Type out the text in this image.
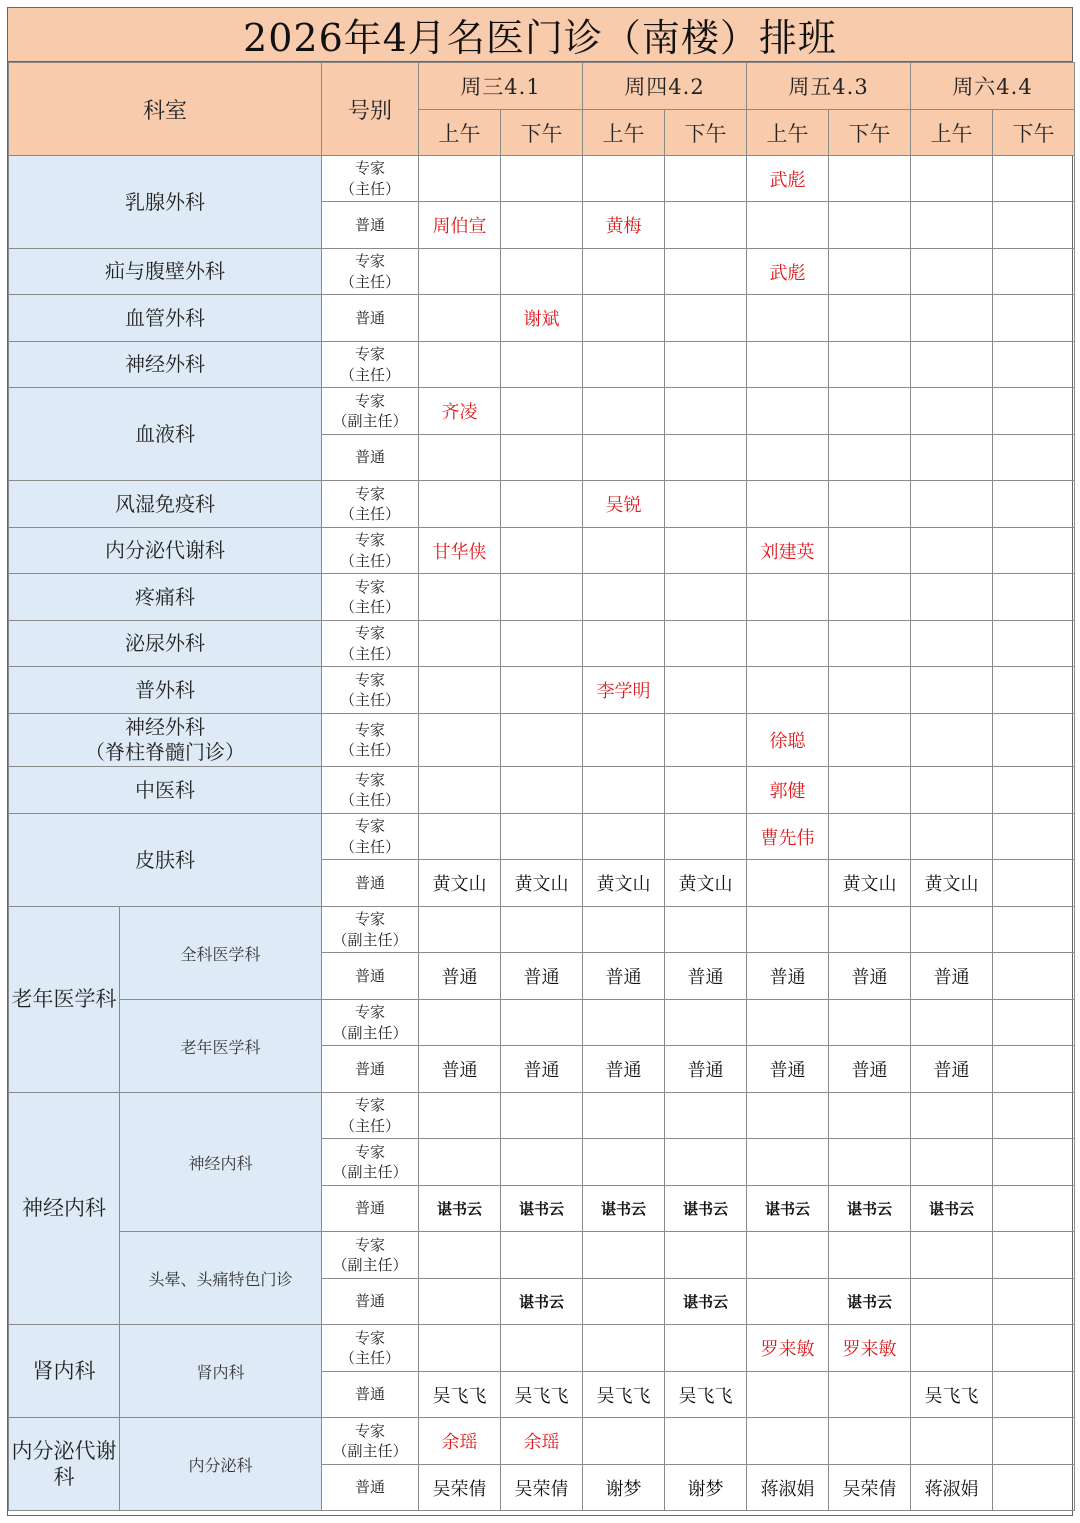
2026年4月名医门诊（南楼）排班
科室		号别	周三4.1		周四4.2		周五4.3		周六4.4	
			上午	下午	上午	下午	上午	下午	上午	下午
乳腺外科		专家
（主任）					武彪			
		普通	周伯宣		黄梅					
疝与腹壁外科		专家
（主任）					武彪			
血管外科		普通		谢斌						
神经外科		专家
（主任）								
血液科		专家
（副主任）	齐凌							
		普通								
风湿免疫科		专家
（主任）			吴锐					
内分泌代谢科		专家
（主任）	甘华侠				刘建英			
疼痛科		专家
（主任）								
泌尿外科		专家
（主任）								
普外科		专家
（主任）			李学明					
神经外科
（脊柱脊髓门诊）		专家
（主任）					徐聪			
中医科		专家
（主任）					郭健			
皮肤科		专家
（主任）					曹先伟			
		普通	黄文山	黄文山	黄文山	黄文山		黄文山	黄文山	
老年医学科	全科医学科	专家
（副主任）								
		普通	普通	普通	普通	普通	普通	普通	普通	
	老年医学科	专家
（副主任）								
		普通	普通	普通	普通	普通	普通	普通	普通	
神经内科	神经内科	专家
（主任）								
		专家
（副主任）								
		普通	谌书云	谌书云	谌书云	谌书云	谌书云	谌书云	谌书云	
	头晕、头痛特色门诊	专家
（副主任）								
		普通		谌书云		谌书云		谌书云		
肾内科	肾内科	专家
（主任）					罗来敏	罗来敏		
		普通	吴飞飞	吴飞飞	吴飞飞	吴飞飞			吴飞飞	
内分泌代谢科	内分泌科	专家
（副主任）	余瑶	余瑶						
		普通	吴荣倩	吴荣倩	谢梦	谢梦	蒋淑娟	吴荣倩	蒋淑娟	
